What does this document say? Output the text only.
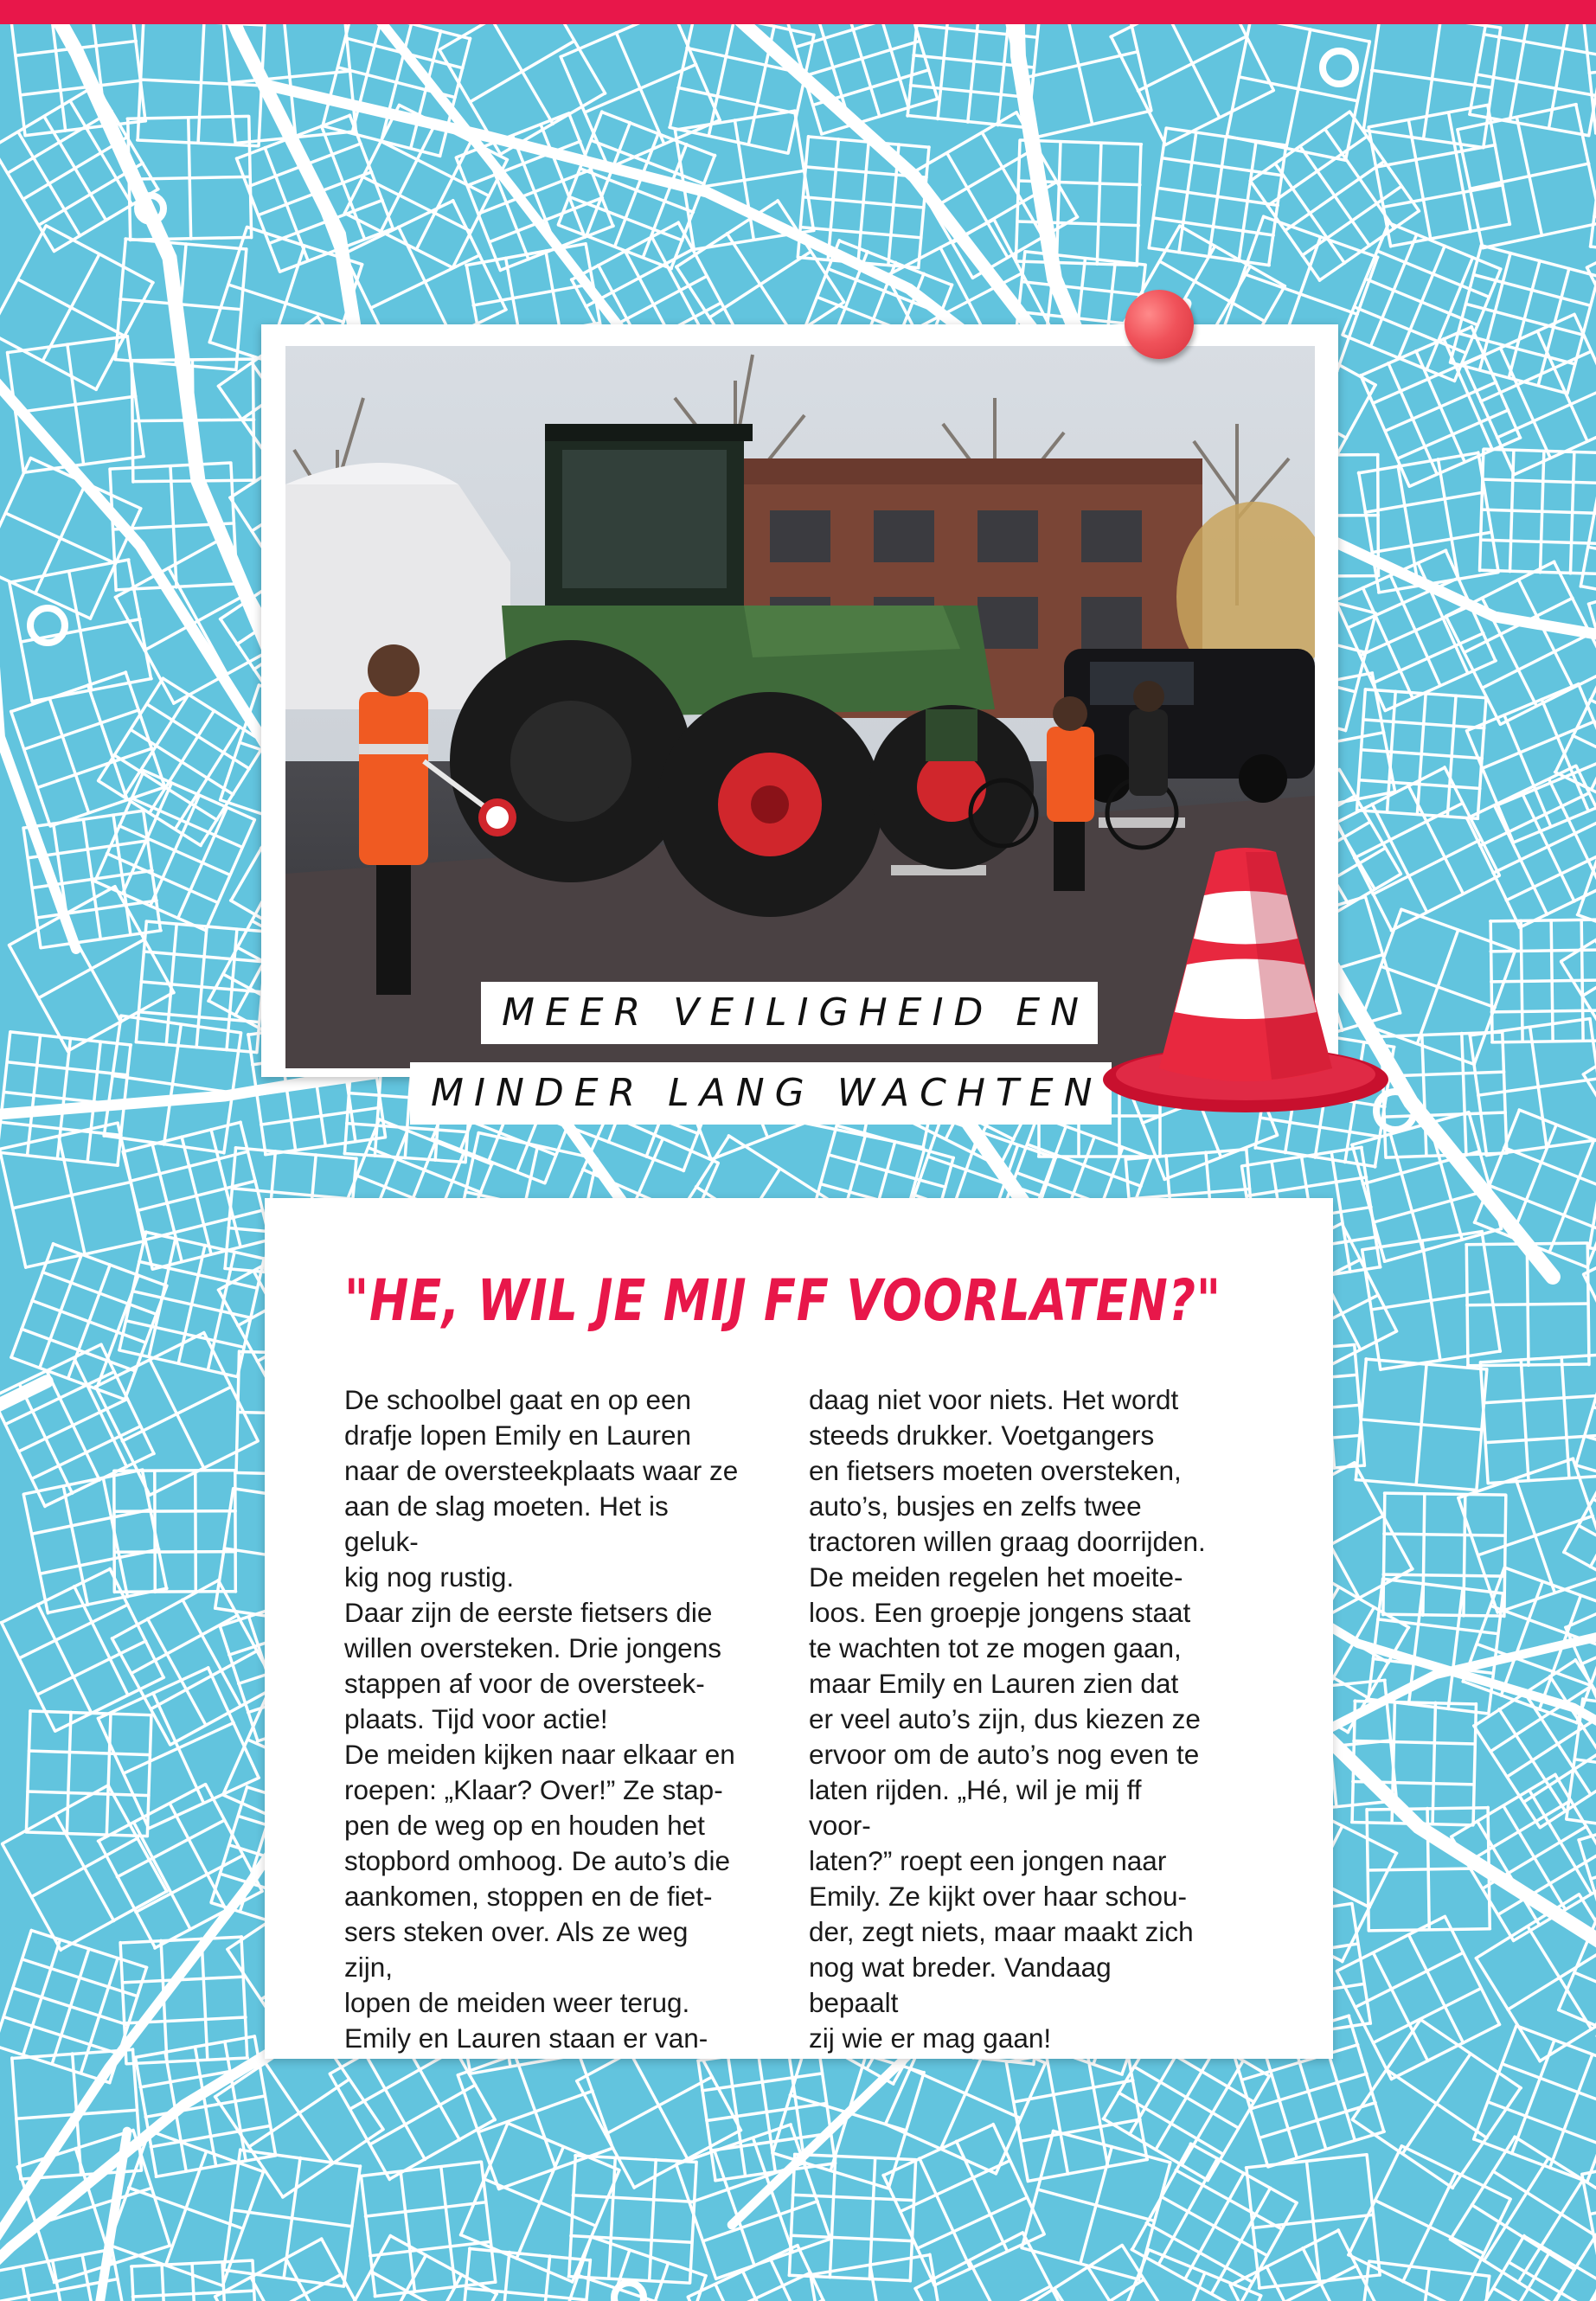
MEER VEILIGHEID EN
MINDER LANG WACHTEN
"HE, WIL JE MIJ FF VOORLATEN?"

De schoolbel gaat en op een

drafje lopen Emily en Lauren

naar de oversteekplaats waar ze

aan de slag moeten. Het is geluk-

kig nog rustig.

Daar zijn de eerste fietsers die

willen oversteken. Drie jongens

stappen af voor de oversteek-

plaats. Tijd voor actie!

De meiden kijken naar elkaar en

roepen: „Klaar? Over!” Ze stap-

pen de weg op en houden het

stopbord omhoog. De auto’s die

aankomen, stoppen en de fiet-

sers steken over. Als ze weg zijn,

lopen de meiden weer terug.

Emily en Lauren staan er van-

daag niet voor niets. Het wordt

steeds drukker. Voetgangers

en fietsers moeten oversteken,

auto’s, busjes en zelfs twee

tractoren willen graag doorrijden.

De meiden regelen het moeite-

loos. Een groepje jongens staat

te wachten tot ze mogen gaan,

maar Emily en Lauren zien dat

er veel auto’s zijn, dus kiezen ze

ervoor om de auto’s nog even te

laten rijden. „Hé, wil je mij ff voor-

laten?” roept een jongen naar

Emily. Ze kijkt over haar schou-

der, zegt niets, maar maakt zich

nog wat breder. Vandaag bepaalt

zij wie er mag gaan!
